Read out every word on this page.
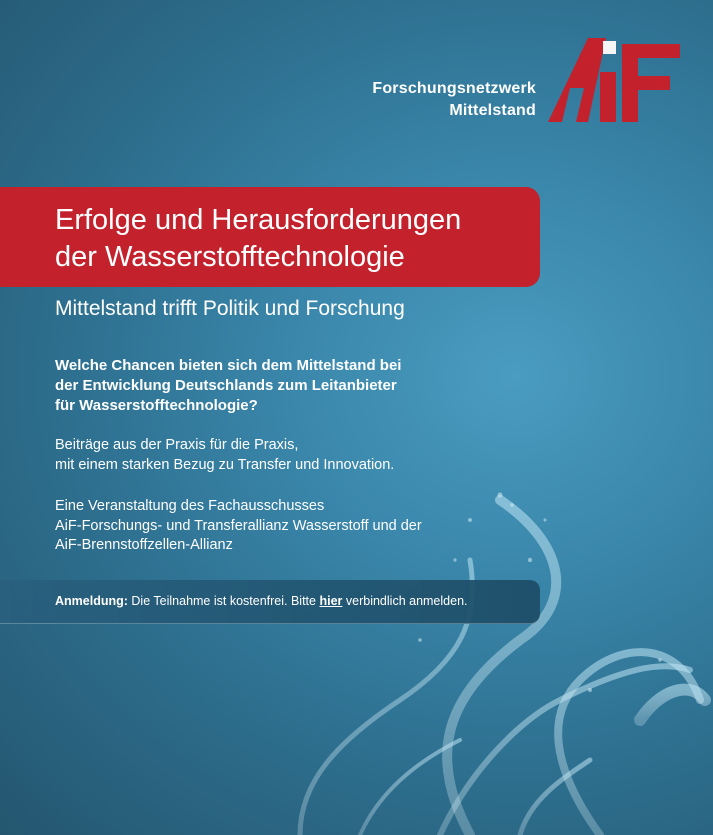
Forschungsnetzwerk
Mittelstand
Erfolge und Herausforderungen
der Wasserstofftechnologie
Mittelstand trifft Politik und Forschung
Welche Chancen bieten sich dem Mittelstand bei
der Entwicklung Deutschlands zum Leitanbieter
für Wasserstofftechnologie?
Beiträge aus der Praxis für die Praxis,
mit einem starken Bezug zu Transfer und Innovation.
Eine Veranstaltung des Fachausschusses
AiF-Forschungs- und Transferallianz Wasserstoff und der
AiF-Brennstoffzellen-Allianz
Anmeldung: Die Teilnahme ist kostenfrei. Bitte hier verbindlich anmelden.
